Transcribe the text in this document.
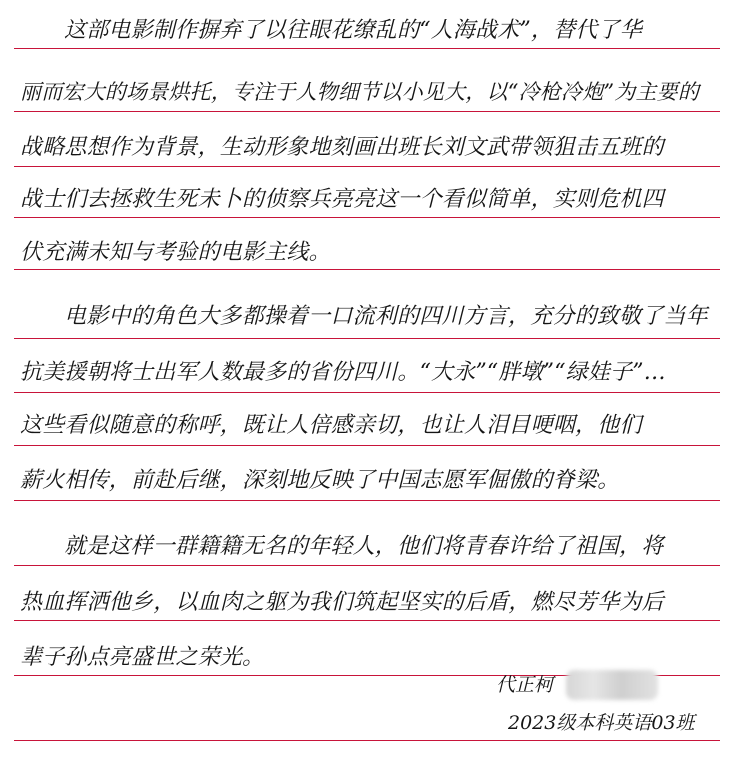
这部电影制作摒弃了以往眼花缭乱的“人海战术”，替代了华
丽而宏大的场景烘托，专注于人物细节以小见大，以“冷枪冷炮”为主要的
战略思想作为背景，生动形象地刻画出班长刘文武带领狙击五班的
战士们去拯救生死未卜的侦察兵亮亮这一个看似简单，实则危机四
伏充满未知与考验的电影主线。
电影中的角色大多都操着一口流利的四川方言，充分的致敬了当年
抗美援朝将士出军人数最多的省份四川。“大永”“胖墩”“绿娃子”…
这些看似随意的称呼，既让人倍感亲切，也让人泪目哽咽，他们
薪火相传，前赴后继，深刻地反映了中国志愿军倔傲的脊梁。
就是这样一群籍籍无名的年轻人，他们将青春许给了祖国，将
热血挥洒他乡，以血肉之躯为我们筑起坚实的后盾，燃尽芳华为后
辈子孙点亮盛世之荣光。
代正柯
2023级本科英语03班
